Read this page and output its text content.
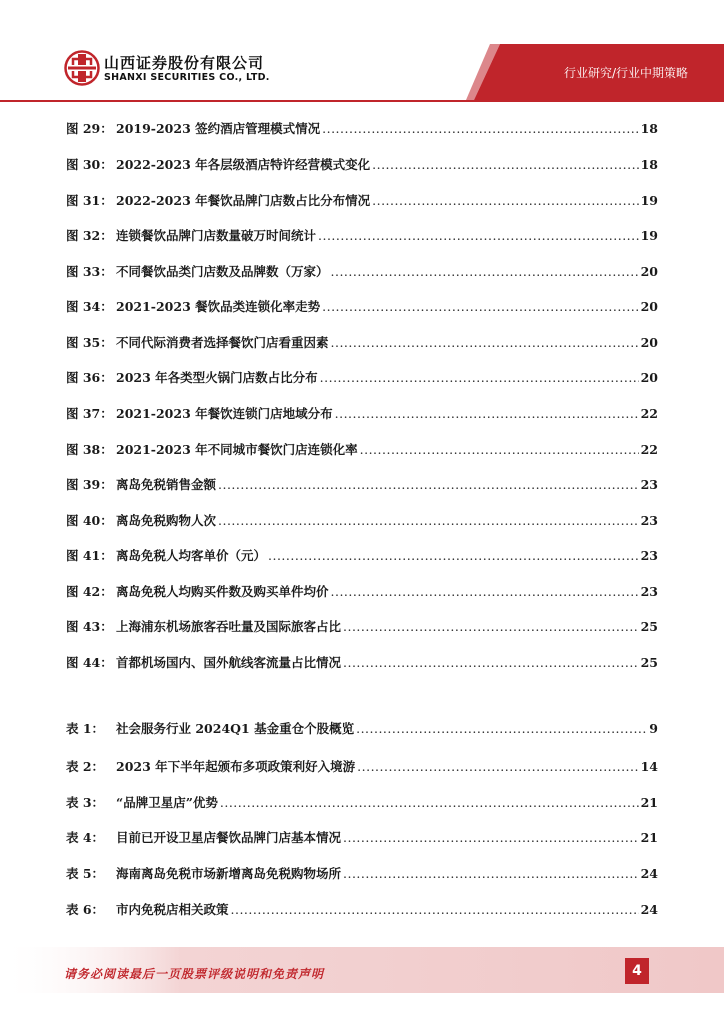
山西证券股份有限公司
SHANXI SECURITIES CO., LTD.	行业研究/行业中期策略
图 29： 2019-2023 签约酒店管理模式情况 .....	18
图 30： 2022-2023 年各层级酒店特许经营模式变化 .....	18
图 31： 2022-2023 年餐饮品牌门店数占比分布情况 .....	19
图 32： 连锁餐饮品牌门店数量破万时间统计 .....	19
图 33： 不同餐饮品类门店数及品牌数（万家） .....	20
图 34： 2021-2023 餐饮品类连锁化率走势 .....	20
图 35： 不同代际消费者选择餐饮门店看重因素 .....	20
图 36： 2023 年各类型火锅门店数占比分布 .....	20
图 37： 2021-2023 年餐饮连锁门店地域分布 .....	22
图 38： 2021-2023 年不同城市餐饮门店连锁化率 .....	22
图 39： 离岛免税销售金额 .....	23
图 40： 离岛免税购物人次 .....	23
图 41： 离岛免税人均客单价（元） .....	23
图 42： 离岛免税人均购买件数及购买单件均价 .....	23
图 43： 上海浦东机场旅客吞吐量及国际旅客占比 .....	25
图 44： 首都机场国内、国外航线客流量占比情况 .....	25
表 1： 社会服务行业 2024Q1 基金重仓个股概览 .....	9
表 2： 2023 年下半年起颁布多项政策利好入境游 .....	14
表 3： “品牌卫星店”优势 .....	21
表 4： 目前已开设卫星店餐饮品牌门店基本情况 .....	21
表 5： 海南离岛免税市场新增离岛免税购物场所 .....	24
表 6： 市内免税店相关政策 .....	24
请务必阅读最后一页股票评级说明和免责声明	4
